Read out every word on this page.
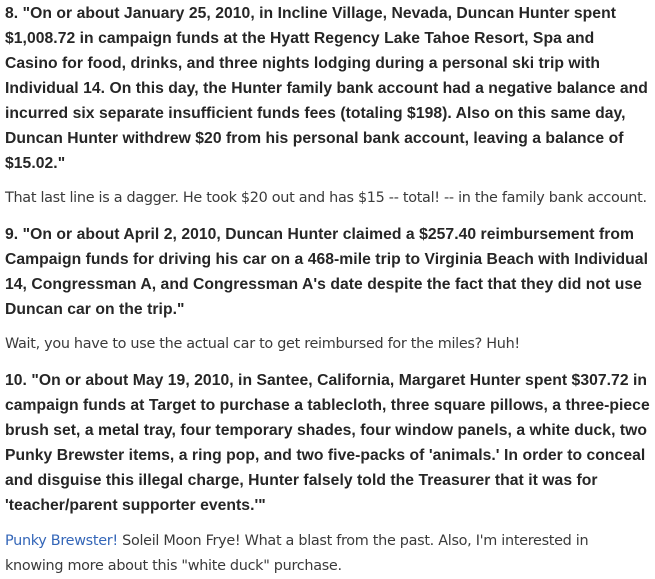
8. "On or about January 25, 2010, in Incline Village, Nevada, Duncan Hunter spent $1,008.72 in campaign funds at the Hyatt Regency Lake Tahoe Resort, Spa and Casino for food, drinks, and three nights lodging during a personal ski trip with Individual 14. On this day, the Hunter family bank account had a negative balance and incurred six separate insufficient funds fees (totaling $198). Also on this same day, Duncan Hunter withdrew $20 from his personal bank account, leaving a balance of $15.02."

That last line is a dagger. He took $20 out and has $15 -- total! -- in the family bank account.

9. "On or about April 2, 2010, Duncan Hunter claimed a $257.40 reimbursement from Campaign funds for driving his car on a 468-mile trip to Virginia Beach with Individual 14, Congressman A, and Congressman A's date despite the fact that they did not use Duncan car on the trip."

Wait, you have to use the actual car to get reimbursed for the miles? Huh!

10. "On or about May 19, 2010, in Santee, California, Margaret Hunter spent $307.72 in campaign funds at Target to purchase a tablecloth, three square pillows, a three-piece brush set, a metal tray, four temporary shades, four window panels, a white duck, two Punky Brewster items, a ring pop, and two five-packs of 'animals.' In order to conceal and disguise this illegal charge, Hunter falsely told the Treasurer that it was for 'teacher/parent supporter events.'"

Punky Brewster! Soleil Moon Frye! What a blast from the past. Also, I'm interested in knowing more about this "white duck" purchase.
